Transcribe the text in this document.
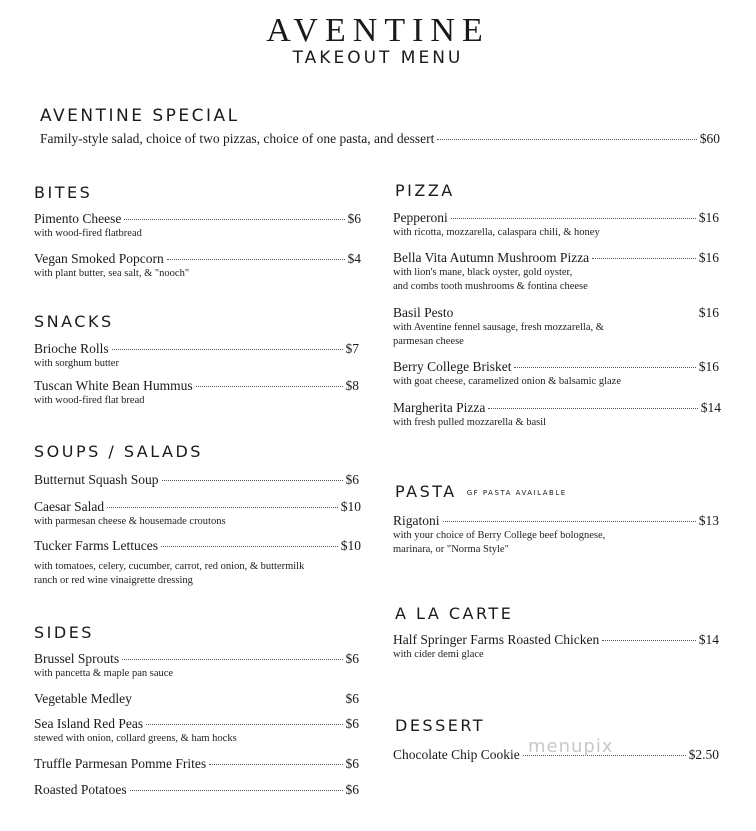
AVENTINE
TAKEOUT MENU
AVENTINE SPECIAL
Family-style salad, choice of two pizzas, choice of one pasta, and dessert	$60
BITES
Pimento Cheese	$6
with wood-fired flatbread
Vegan Smoked Popcorn	$4
with plant butter, sea salt, & "nooch"
SNACKS
Brioche Rolls	$7
with sorghum butter
Tuscan White Bean Hummus	$8
with wood-fired flat bread
SOUPS / SALADS
Butternut Squash Soup	$6
Caesar Salad	$10
with parmesan cheese & housemade croutons
Tucker Farms Lettuces	$10
with tomatoes, celery, cucumber, carrot, red onion, & buttermilk
ranch or red wine vinaigrette dressing
SIDES
Brussel Sprouts	$6
with pancetta & maple pan sauce
Vegetable Medley	$6
Sea Island Red Peas	$6
stewed with onion, collard greens, & ham hocks
Truffle Parmesan Pomme Frites	$6
Roasted Potatoes	$6
PIZZA
Pepperoni	$16
with ricotta, mozzarella, calaspara chili, & honey
Bella Vita Autumn Mushroom Pizza	$16
with lion's mane, black oyster, gold oyster,
and combs tooth mushrooms & fontina cheese
Basil Pesto	$16
with Aventine fennel sausage, fresh mozzarella, &
parmesan cheese
Berry College Brisket	$16
with goat cheese, caramelized onion & balsamic glaze
Margherita Pizza	$14
with fresh pulled mozzarella & basil
PASTA GF PASTA AVAILABLE
Rigatoni	$13
with your choice of Berry College beef bolognese,
marinara, or "Norma Style"
A LA CARTE
Half Springer Farms Roasted Chicken	$14
with cider demi glace
DESSERT
Chocolate Chip Cookie	$2.50
menupix
